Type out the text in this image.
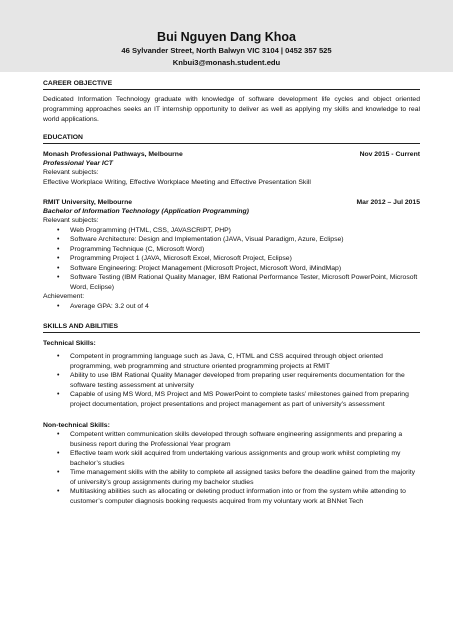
Bui Nguyen Dang Khoa
46 Sylvander Street, North Balwyn VIC 3104 | 0452 357 525
Knbui3@monash.student.edu
CAREER OBJECTIVE

Dedicated Information Technology graduate with knowledge of software development life cycles and object oriented programming approaches seeks an IT internship opportunity to deliver as well as applying my skills and knowledge to real world applications.

EDUCATION
Monash Professional Pathways, Melbourne	Nov 2015 - Current
Professional Year ICT
Relevant subjects:
Effective Workplace Writing, Effective Workplace Meeting and Effective Presentation Skill
RMIT University, Melbourne	Mar 2012 – Jul 2015
Bachelor of Information Technology (Application Programming)
Relevant subjects:
• Web Programming (HTML, CSS, JAVASCRIPT, PHP)
• Software Architecture: Design and Implementation (JAVA, Visual Paradigm, Azure, Eclipse)
• Programming Technique (C, Microsoft Word)
• Programming Project 1 (JAVA, Microsoft Excel, Microsoft Project, Eclipse)
• Software Engineering: Project Management (Microsoft Project, Microsoft Word, iMindMap)
• Software Testing (IBM Rational Quality Manager, IBM Rational Performance Tester, Microsoft PowerPoint, Microsoft Word, Eclipse)
Achievement:
• Average GPA: 3.2 out of 4
SKILLS AND ABILITIES
Technical Skills:
• Competent in programming language such as Java, C, HTML and CSS acquired through object oriented programming, web programming and structure oriented programming projects at RMIT
• Ability to use IBM Rational Quality Manager developed from preparing user requirements documentation for the software testing assessment at university
• Capable of using MS Word, MS Project and MS PowerPoint to complete tasks’ milestones gained from preparing project documentation, project presentations and project management as part of university’s assessment
Non-technical Skills:
• Competent written communication skills developed through software engineering assignments and preparing a business report during the Professional Year program
• Effective team work skill acquired from undertaking various assignments and group work whilst completing my bachelor’s studies
• Time management skills with the ability to complete all assigned tasks before the deadline gained from the majority of university’s group assignments during my bachelor studies
• Multitasking abilities such as allocating or deleting product information into or from the system while attending to customer’s computer diagnosis booking requests acquired from my voluntary work at BNNet Tech
